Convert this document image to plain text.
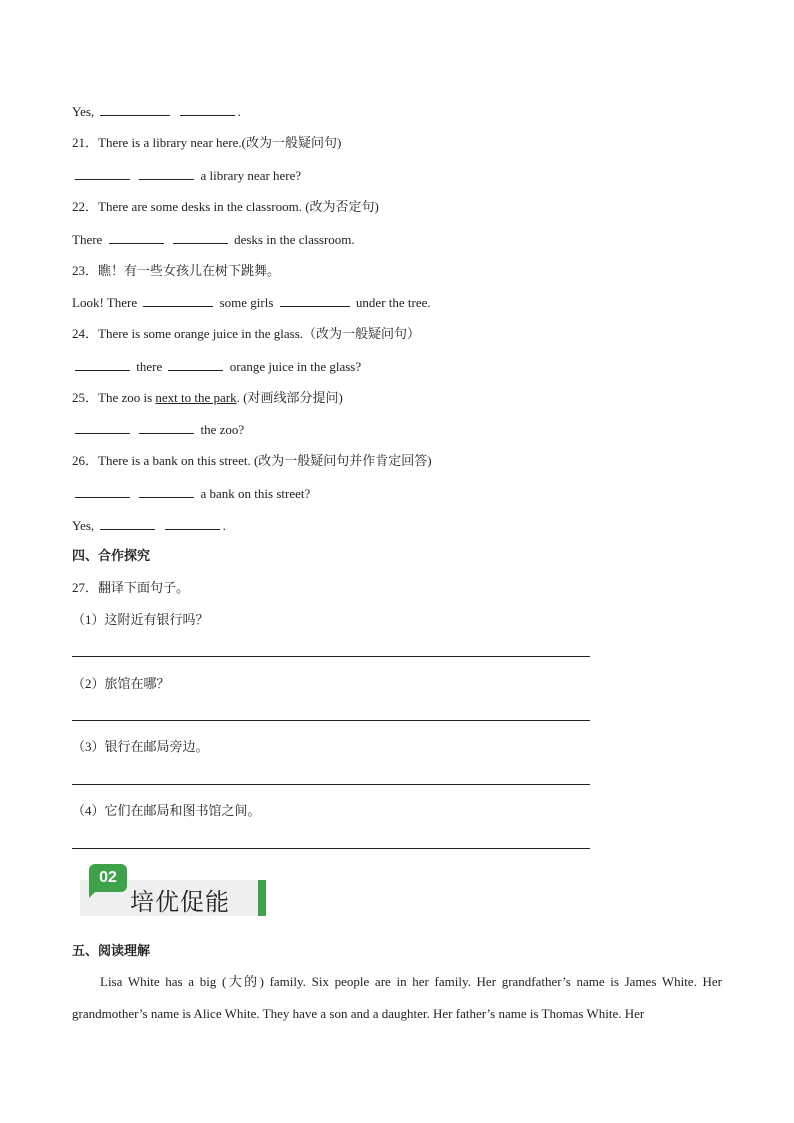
Yes,	.
21．There is a library near here.(改为一般疑问句)
a library near here?
22．There are some desks in the classroom. (改为否定句)
There	desks in the classroom.
23．瞧！有一些女孩儿在树下跳舞。
Look! There	some girls	under the tree.
24．There is some orange juice in the glass.（改为一般疑问句）
there	orange juice in the glass?
25．The zoo is next to the park. (对画线部分提问)
the zoo?
26．There is a bank on this street. (改为一般疑问句并作肯定回答)
a bank on this street?
Yes,	.
四、合作探究
27．翻译下面句子。
（1）这附近有银行吗？
（2）旅馆在哪？
（3）银行在邮局旁边。
（4）它们在邮局和图书馆之间。
02
培优促能
五、阅读理解

Lisa White has a big (大的) family. Six people are in her family. Her grandfather’s name is James White. Her grandmother’s name is Alice White. They have a son and a daughter. Her father’s name is Thomas White. Her
